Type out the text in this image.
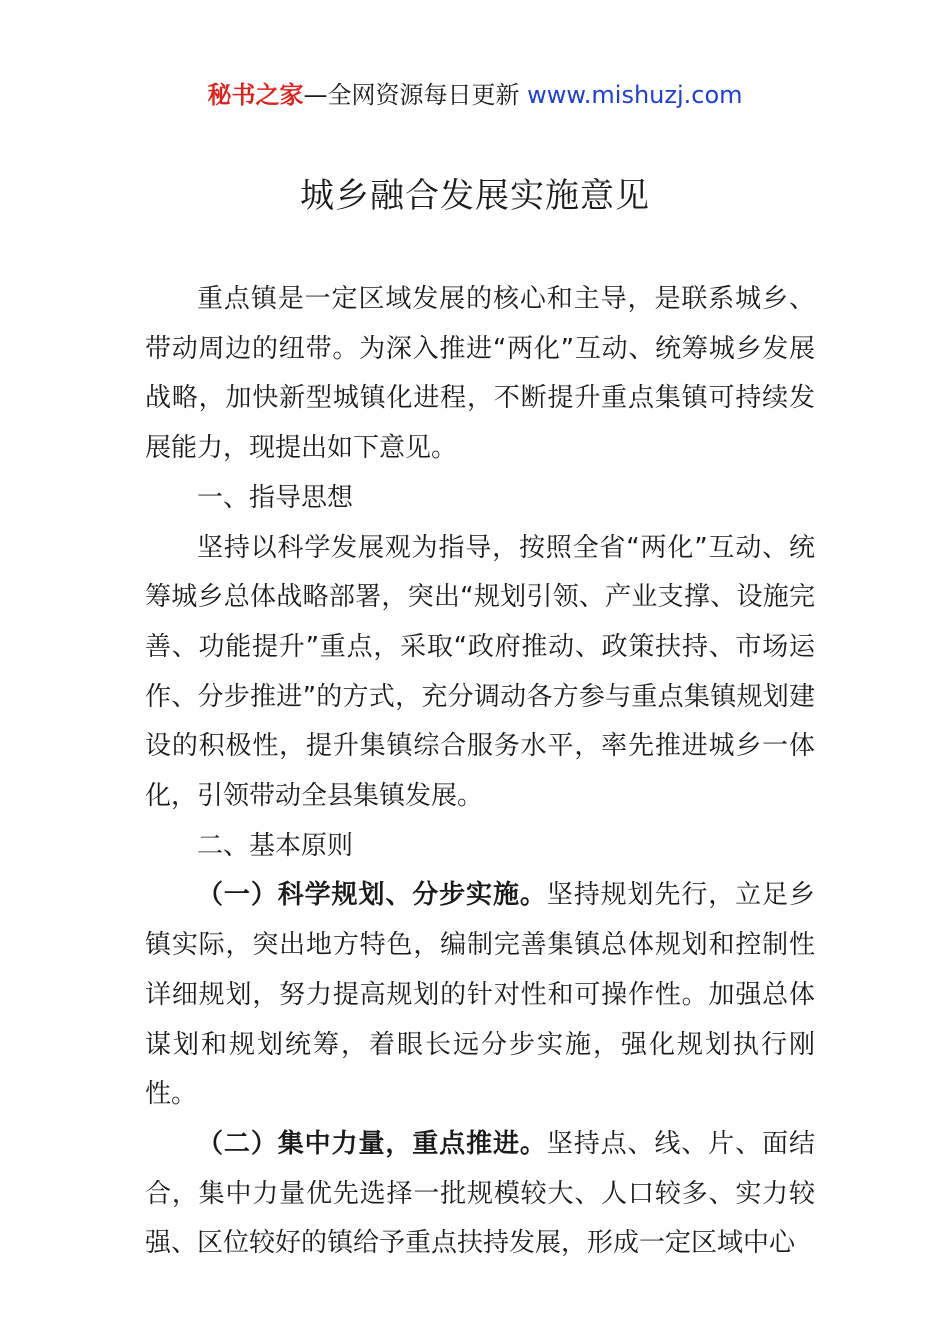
秘书之家—全网资源每日更新 www.mishuzj.com
城乡融合发展实施意见

重点镇是一定区域发展的核心和主导，是联系城乡、带动周边的纽带。为深入推进“两化”互动、统筹城乡发展战略，加快新型城镇化进程，不断提升重点集镇可持续发展能力，现提出如下意见。

一、指导思想

坚持以科学发展观为指导，按照全省“两化”互动、统筹城乡总体战略部署，突出“规划引领、产业支撑、设施完善、功能提升”重点，采取“政府推动、政策扶持、市场运作、分步推进”的方式，充分调动各方参与重点集镇规划建设的积极性，提升集镇综合服务水平，率先推进城乡一体化，引领带动全县集镇发展。

二、基本原则

（一）科学规划、分步实施。坚持规划先行，立足乡镇实际，突出地方特色，编制完善集镇总体规划和控制性详细规划，努力提高规划的针对性和可操作性。加强总体谋划和规划统筹，着眼长远分步实施，强化规划执行刚性。

（二）集中力量，重点推进。坚持点、线、片、面结合，集中力量优先选择一批规模较大、人口较多、实力较强、区位较好的镇给予重点扶持发展，形成一定区域中心
